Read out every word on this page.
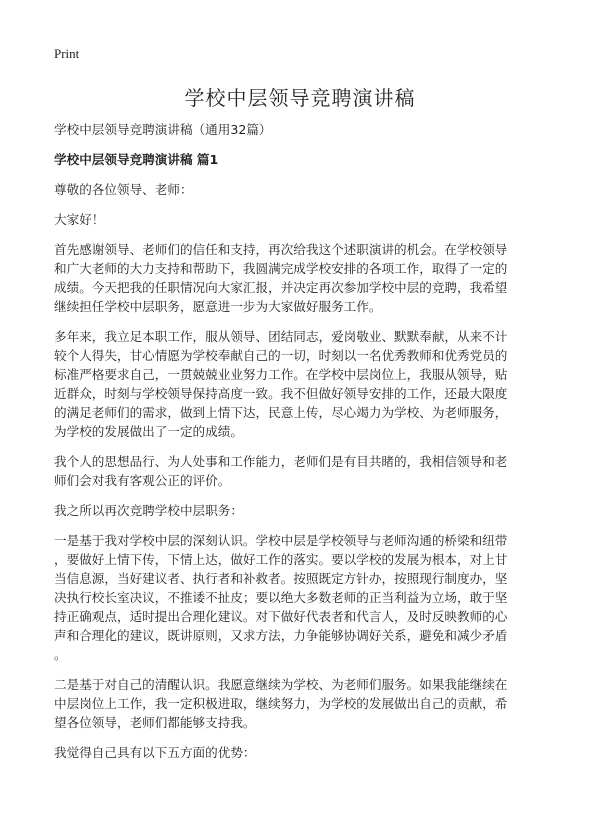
Print
学校中层领导竞聘演讲稿

学校中层领导竞聘演讲稿（通用32篇）

学校中层领导竞聘演讲稿 篇1

尊敬的各位领导、老师：

大家好！

首先感谢领导、老师们的信任和支持，再次给我这个述职演讲的机会。在学校领导
和广大老师的大力支持和帮助下，我圆满完成学校安排的各项工作，取得了一定的
成绩。今天把我的任职情况向大家汇报，并决定再次参加学校中层的竞聘，我希望
继续担任学校中层职务，愿意进一步为大家做好服务工作。

多年来，我立足本职工作，服从领导、团结同志，爱岗敬业、默默奉献，从来不计
较个人得失，甘心情愿为学校奉献自己的一切，时刻以一名优秀教师和优秀党员的
标准严格要求自己，一贯兢兢业业努力工作。在学校中层岗位上，我服从领导，贴
近群众，时刻与学校领导保持高度一致。我不但做好领导安排的工作，还最大限度
的满足老师们的需求，做到上情下达，民意上传，尽心竭力为学校、为老师服务，
为学校的发展做出了一定的成绩。

我个人的思想品行、为人处事和工作能力，老师们是有目共睹的，我相信领导和老
师们会对我有客观公正的评价。

我之所以再次竞聘学校中层职务：

一是基于我对学校中层的深刻认识。学校中层是学校领导与老师沟通的桥梁和纽带
，要做好上情下传，下情上达，做好工作的落实。要以学校的发展为根本，对上甘
当信息源，当好建议者、执行者和补救者。按照既定方针办，按照现行制度办，坚
决执行校长室决议，不推诿不扯皮；要以绝大多数老师的正当利益为立场，敢于坚
持正确观点，适时提出合理化建议。对下做好代表者和代言人，及时反映教师的心
声和合理化的建议，既讲原则，又求方法，力争能够协调好关系，避免和减少矛盾
。

二是基于对自己的清醒认识。我愿意继续为学校、为老师们服务。如果我能继续在
中层岗位上工作，我一定积极进取，继续努力，为学校的发展做出自己的贡献，希
望各位领导，老师们都能够支持我。

我觉得自己具有以下五方面的优势：
